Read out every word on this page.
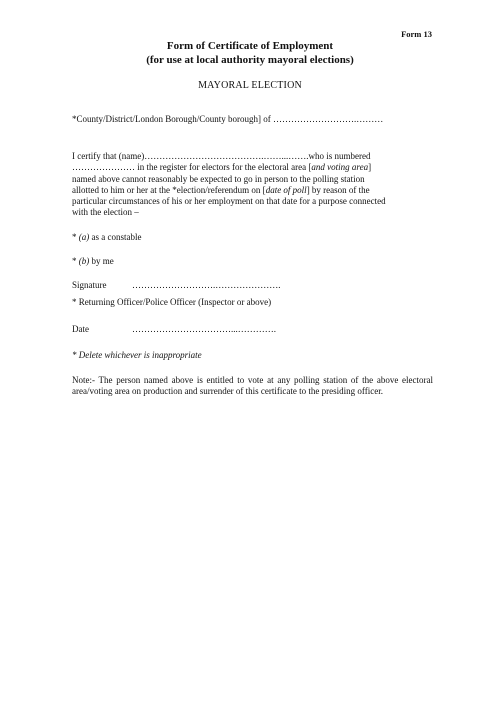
Form 13
Form of Certificate of Employment
(for use at local authority mayoral elections)
MAYORAL ELECTION
*County/District/London Borough/County borough] of ……………………….………
I certify that (name)………………………………….……...…….who is numbered
………………… in the register for electors for the electoral area [and voting area]
named above cannot reasonably be expected to go in person to the polling station
allotted to him or her at the *election/referendum on [date of poll] by reason of the
particular circumstances of his or her employment on that date for a purpose connected
with the election –
* (a) as a constable
* (b) by me
Signature	……………………….………………….
* Returning Officer/Police Officer (Inspector or above)
Date	……………………………...………….
* Delete whichever is inappropriate
Note:- The person named above is entitled to vote at any polling station of the above electoral area/voting area on production and surrender of this certificate to the presiding officer.
